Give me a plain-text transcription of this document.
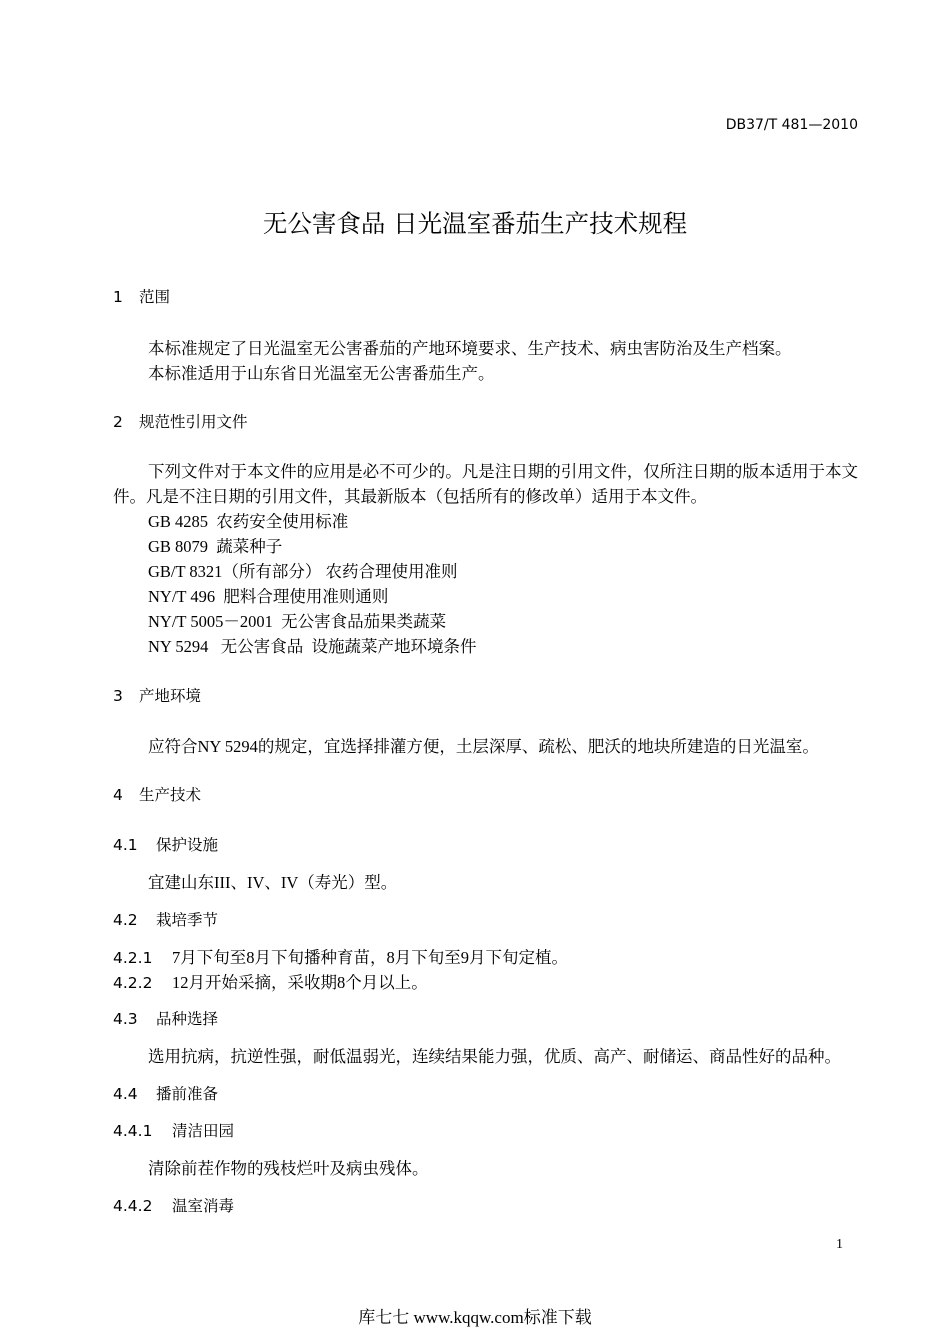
DB37/T 481—2010
无公害食品 日光温室番茄生产技术规程
1 范围
本标准规定了日光温室无公害番茄的产地环境要求、生产技术、病虫害防治及生产档案。
本标准适用于山东省日光温室无公害番茄生产。
2 规范性引用文件
下列文件对于本文件的应用是必不可少的。凡是注日期的引用文件，仅所注日期的版本适用于本文件。凡是不注日期的引用文件，其最新版本（包括所有的修改单）适用于本文件。
GB 4285  农药安全使用标准
GB 8079  蔬菜种子
GB/T 8321（所有部分） 农药合理使用准则
NY/T 496  肥料合理使用准则通则
NY/T 5005－2001  无公害食品茄果类蔬菜
NY 5294   无公害食品  设施蔬菜产地环境条件
3 产地环境
应符合NY 5294的规定，宜选择排灌方便，土层深厚、疏松、肥沃的地块所建造的日光温室。
4 生产技术
4.1 保护设施
宜建山东III、IV、IV（寿光）型。
4.2 栽培季节
4.2.1 7月下旬至8月下旬播种育苗，8月下旬至9月下旬定植。
4.2.2 12月开始采摘，采收期8个月以上。
4.3 品种选择
选用抗病，抗逆性强，耐低温弱光，连续结果能力强，优质、高产、耐储运、商品性好的品种。
4.4 播前准备
4.4.1 清洁田园
清除前茬作物的残枝烂叶及病虫残体。
4.4.2 温室消毒
1
库七七 www.kqqw.com标准下载
